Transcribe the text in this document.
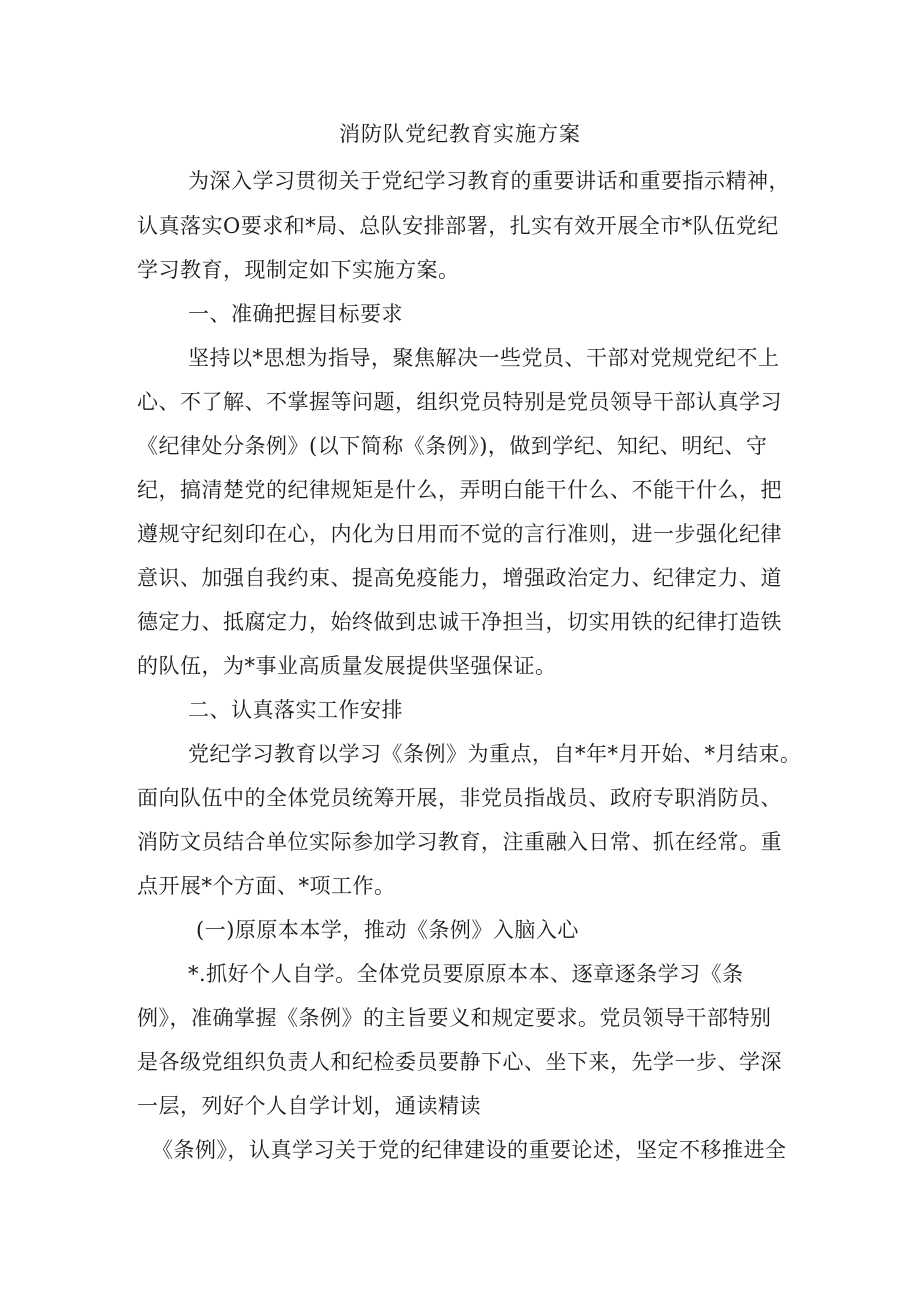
消防队党纪教育实施方案
为深入学习贯彻关于党纪学习教育的重要讲话和重要指示精神，
认真落实O要求和*局、总队安排部署，扎实有效开展全市*队伍党纪
学习教育，现制定如下实施方案。
一、准确把握目标要求
坚持以*思想为指导，聚焦解决一些党员、干部对党规党纪不上
心、不了解、不掌握等问题，组织党员特别是党员领导干部认真学习
《纪律处分条例》(以下简称《条例》)，做到学纪、知纪、明纪、守
纪，搞清楚党的纪律规矩是什么，弄明白能干什么、不能干什么，把
遵规守纪刻印在心，内化为日用而不觉的言行准则，进一步强化纪律
意识、加强自我约束、提高免疫能力，增强政治定力、纪律定力、道
德定力、抵腐定力，始终做到忠诚干净担当，切实用铁的纪律打造铁
的队伍，为*事业高质量发展提供坚强保证。
二、认真落实工作安排
党纪学习教育以学习《条例》为重点，自*年*月开始、*月结束。
面向队伍中的全体党员统筹开展，非党员指战员、政府专职消防员、
消防文员结合单位实际参加学习教育，注重融入日常、抓在经常。重
点开展*个方面、*项工作。
(一)原原本本学，推动《条例》入脑入心
*.抓好个人自学。全体党员要原原本本、逐章逐条学习《条
例》，准确掌握《条例》的主旨要义和规定要求。党员领导干部特别
是各级党组织负责人和纪检委员要静下心、坐下来，先学一步、学深
一层，列好个人自学计划，通读精读
《条例》，认真学习关于党的纪律建设的重要论述，坚定不移推进全
